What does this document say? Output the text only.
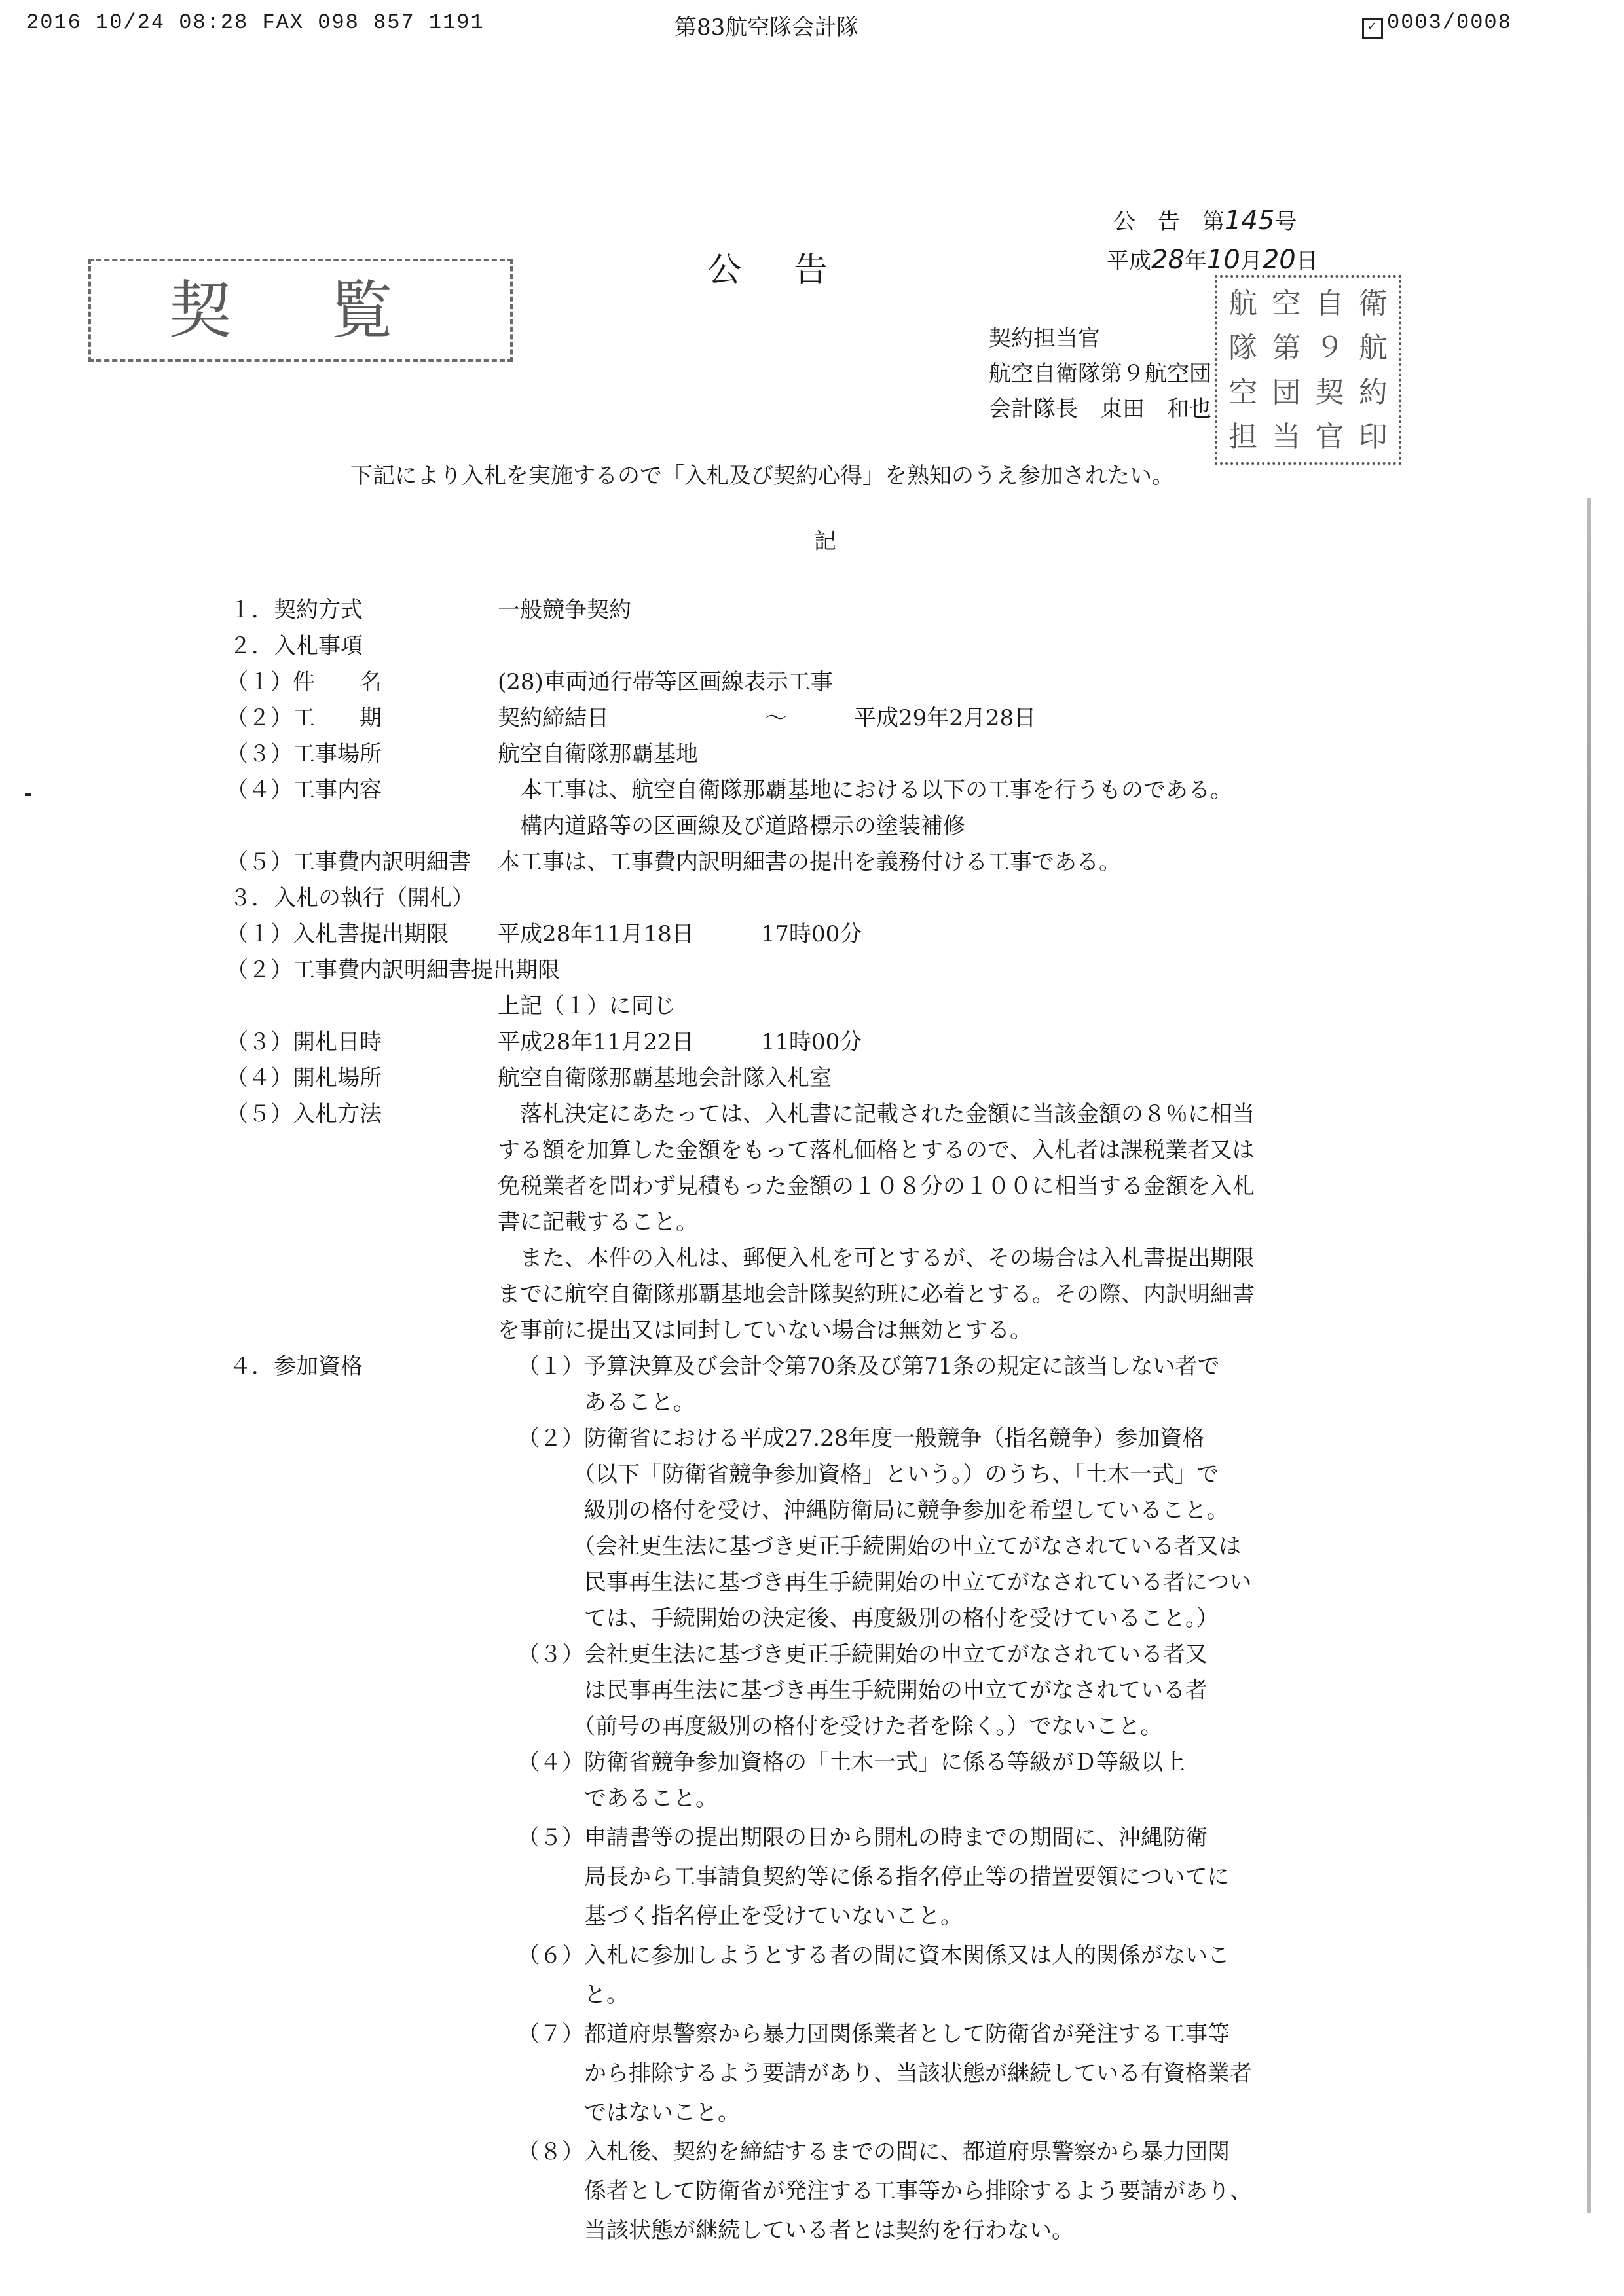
2016 10/24 08:28 FAX 098 857 1191	第83航空隊会計隊	✓ 0003/0008
契 覧
公　告　第145号
公告	平成28年10月20日
契約担当官
航空自衛隊第９航空団
会計隊長　東田　和也
航 空 自 衛
隊 第 ９ 航
空 団 契 約
担 当 官 印
下記により入札を実施するので「入札及び契約心得」を熟知のうえ参加されたい。
記
１．契約方式	一般競争契約
２．入札事項
（１）件　　名	(28)車両通行帯等区画線表示工事
（２）工　　期	契約締結日　　　　　　　～　　　平成29年2月28日
（３）工事場所	航空自衛隊那覇基地
（４）工事内容	　本工事は、航空自衛隊那覇基地における以下の工事を行うものである。
　構内道路等の区画線及び道路標示の塗装補修
（５）工事費内訳明細書 本工事は、工事費内訳明細書の提出を義務付ける工事である。
３．入札の執行（開札）
（１）入札書提出期限 平成28年11月18日　　　17時00分
（２）工事費内訳明細書提出期限
上記（１）に同じ
（３）開札日時	平成28年11月22日　　　11時00分
（４）開札場所	航空自衛隊那覇基地会計隊入札室
（５）入札方法	　落札決定にあたっては、入札書に記載された金額に当該金額の８％に相当
する額を加算した金額をもって落札価格とするので、入札者は課税業者又は
免税業者を問わず見積もった金額の１０８分の１００に相当する金額を入札
書に記載すること。
　また、本件の入札は、郵便入札を可とするが、その場合は入札書提出期限
までに航空自衛隊那覇基地会計隊契約班に必着とする。その際、内訳明細書
を事前に提出又は同封していない場合は無効とする。
４．参加資格	（１）予算決算及び会計令第70条及び第71条の規定に該当しない者で
　　　あること。
（２）防衛省における平成27.28年度一般競争（指名競争）参加資格
　　　（以下「防衛省競争参加資格」という。）のうち、「土木一式」で
　　　級別の格付を受け、沖縄防衛局に競争参加を希望していること。
　　　（会社更生法に基づき更正手続開始の申立てがなされている者又は
　　　民事再生法に基づき再生手続開始の申立てがなされている者につい
　　　ては、手続開始の決定後、再度級別の格付を受けていること。）
（３）会社更生法に基づき更正手続開始の申立てがなされている者又
　　　は民事再生法に基づき再生手続開始の申立てがなされている者
　　　（前号の再度級別の格付を受けた者を除く。）でないこと。
（４）防衛省競争参加資格の「土木一式」に係る等級がＤ等級以上
　　　であること。
（５）申請書等の提出期限の日から開札の時までの期間に、沖縄防衛
　　　局長から工事請負契約等に係る指名停止等の措置要領についてに
　　　基づく指名停止を受けていないこと。
（６）入札に参加しようとする者の間に資本関係又は人的関係がないこ
　　　と。
（７）都道府県警察から暴力団関係業者として防衛省が発注する工事等
　　　から排除するよう要請があり、当該状態が継続している有資格業者
　　　ではないこと。
（８）入札後、契約を締結するまでの間に、都道府県警察から暴力団関
　　　係者として防衛省が発注する工事等から排除するよう要請があり、
　　　当該状態が継続している者とは契約を行わない。
